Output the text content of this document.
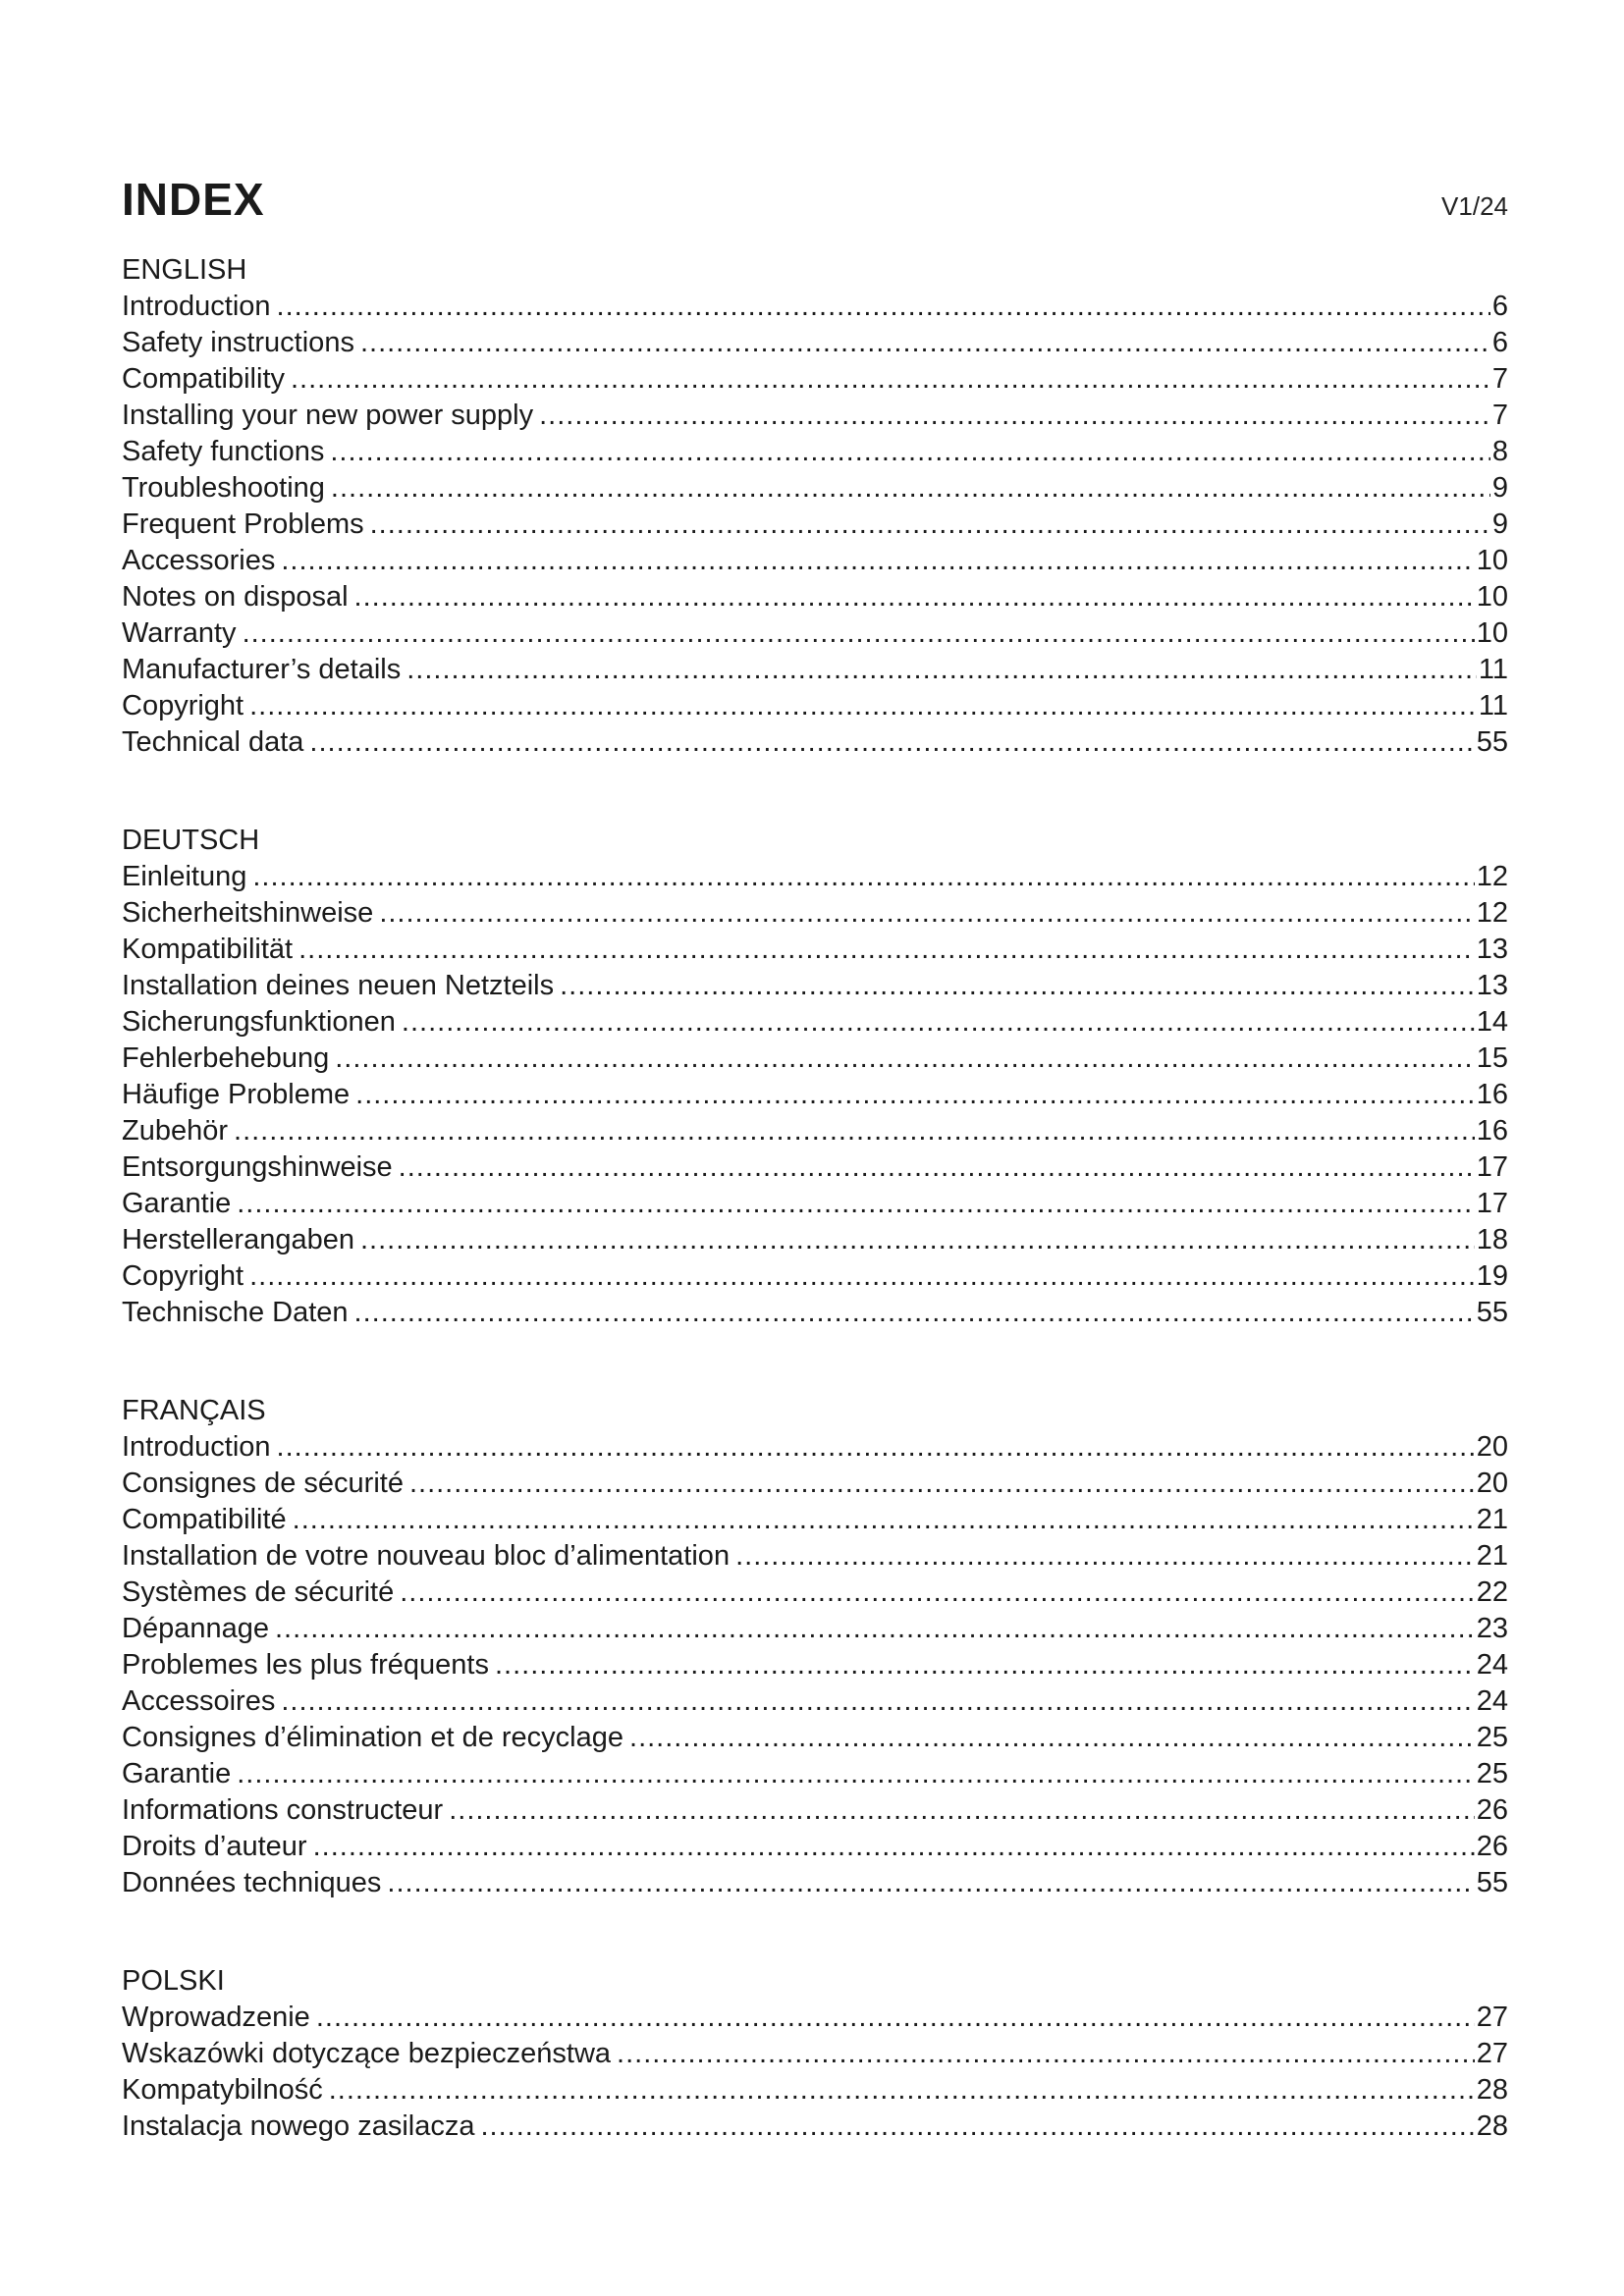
INDEX	V1/24
ENGLISH
Introduction .....	6
Safety instructions .....	6
Compatibility .....	7
Installing your new power supply .....	7
Safety functions .....	8
Troubleshooting .....	9
Frequent Problems .....	9
Accessories .....	10
Notes on disposal .....	10
Warranty .....	10
Manufacturer’s details .....	11
Copyright .....	11
Technical data .....	55
DEUTSCH
Einleitung .....	12
Sicherheitshinweise .....	12
Kompatibilität .....	13
Installation deines neuen Netzteils .....	13
Sicherungsfunktionen .....	14
Fehlerbehebung .....	15
Häufige Probleme .....	16
Zubehör .....	16
Entsorgungshinweise .....	17
Garantie .....	17
Herstellerangaben .....	18
Copyright .....	19
Technische Daten .....	55
FRANÇAIS
Introduction .....	20
Consignes de sécurité .....	20
Compatibilité .....	21
Installation de votre nouveau bloc d’alimentation .....	21
Systèmes de sécurité .....	22
Dépannage .....	23
Problemes les plus fréquents .....	24
Accessoires .....	24
Consignes d’élimination et de recyclage .....	25
Garantie .....	25
Informations constructeur .....	26
Droits d’auteur .....	26
Données techniques .....	55
POLSKI
Wprowadzenie .....	27
Wskazówki dotyczące bezpieczeństwa .....	27
Kompatybilność .....	28
Instalacja nowego zasilacza .....	28
